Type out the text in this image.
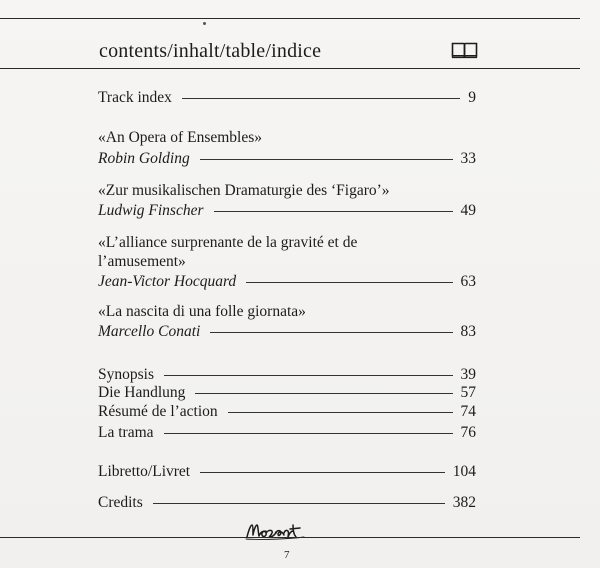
contents/inhalt/table/indice
Track index	9
«An Opera of Ensembles»
Robin Golding	33
«Zur musikalischen Dramaturgie des ‘Figaro’»
Ludwig Finscher	49
«L’alliance surprenante de la gravité et de
l’amusement»
Jean-Victor Hocquard	63
«La nascita di una folle giornata»
Marcello Conati	83
Synopsis	39
Die Handlung	57
Résumé de l’action	74
La trama	76
Libretto/Livret	104
Credits	382
7
